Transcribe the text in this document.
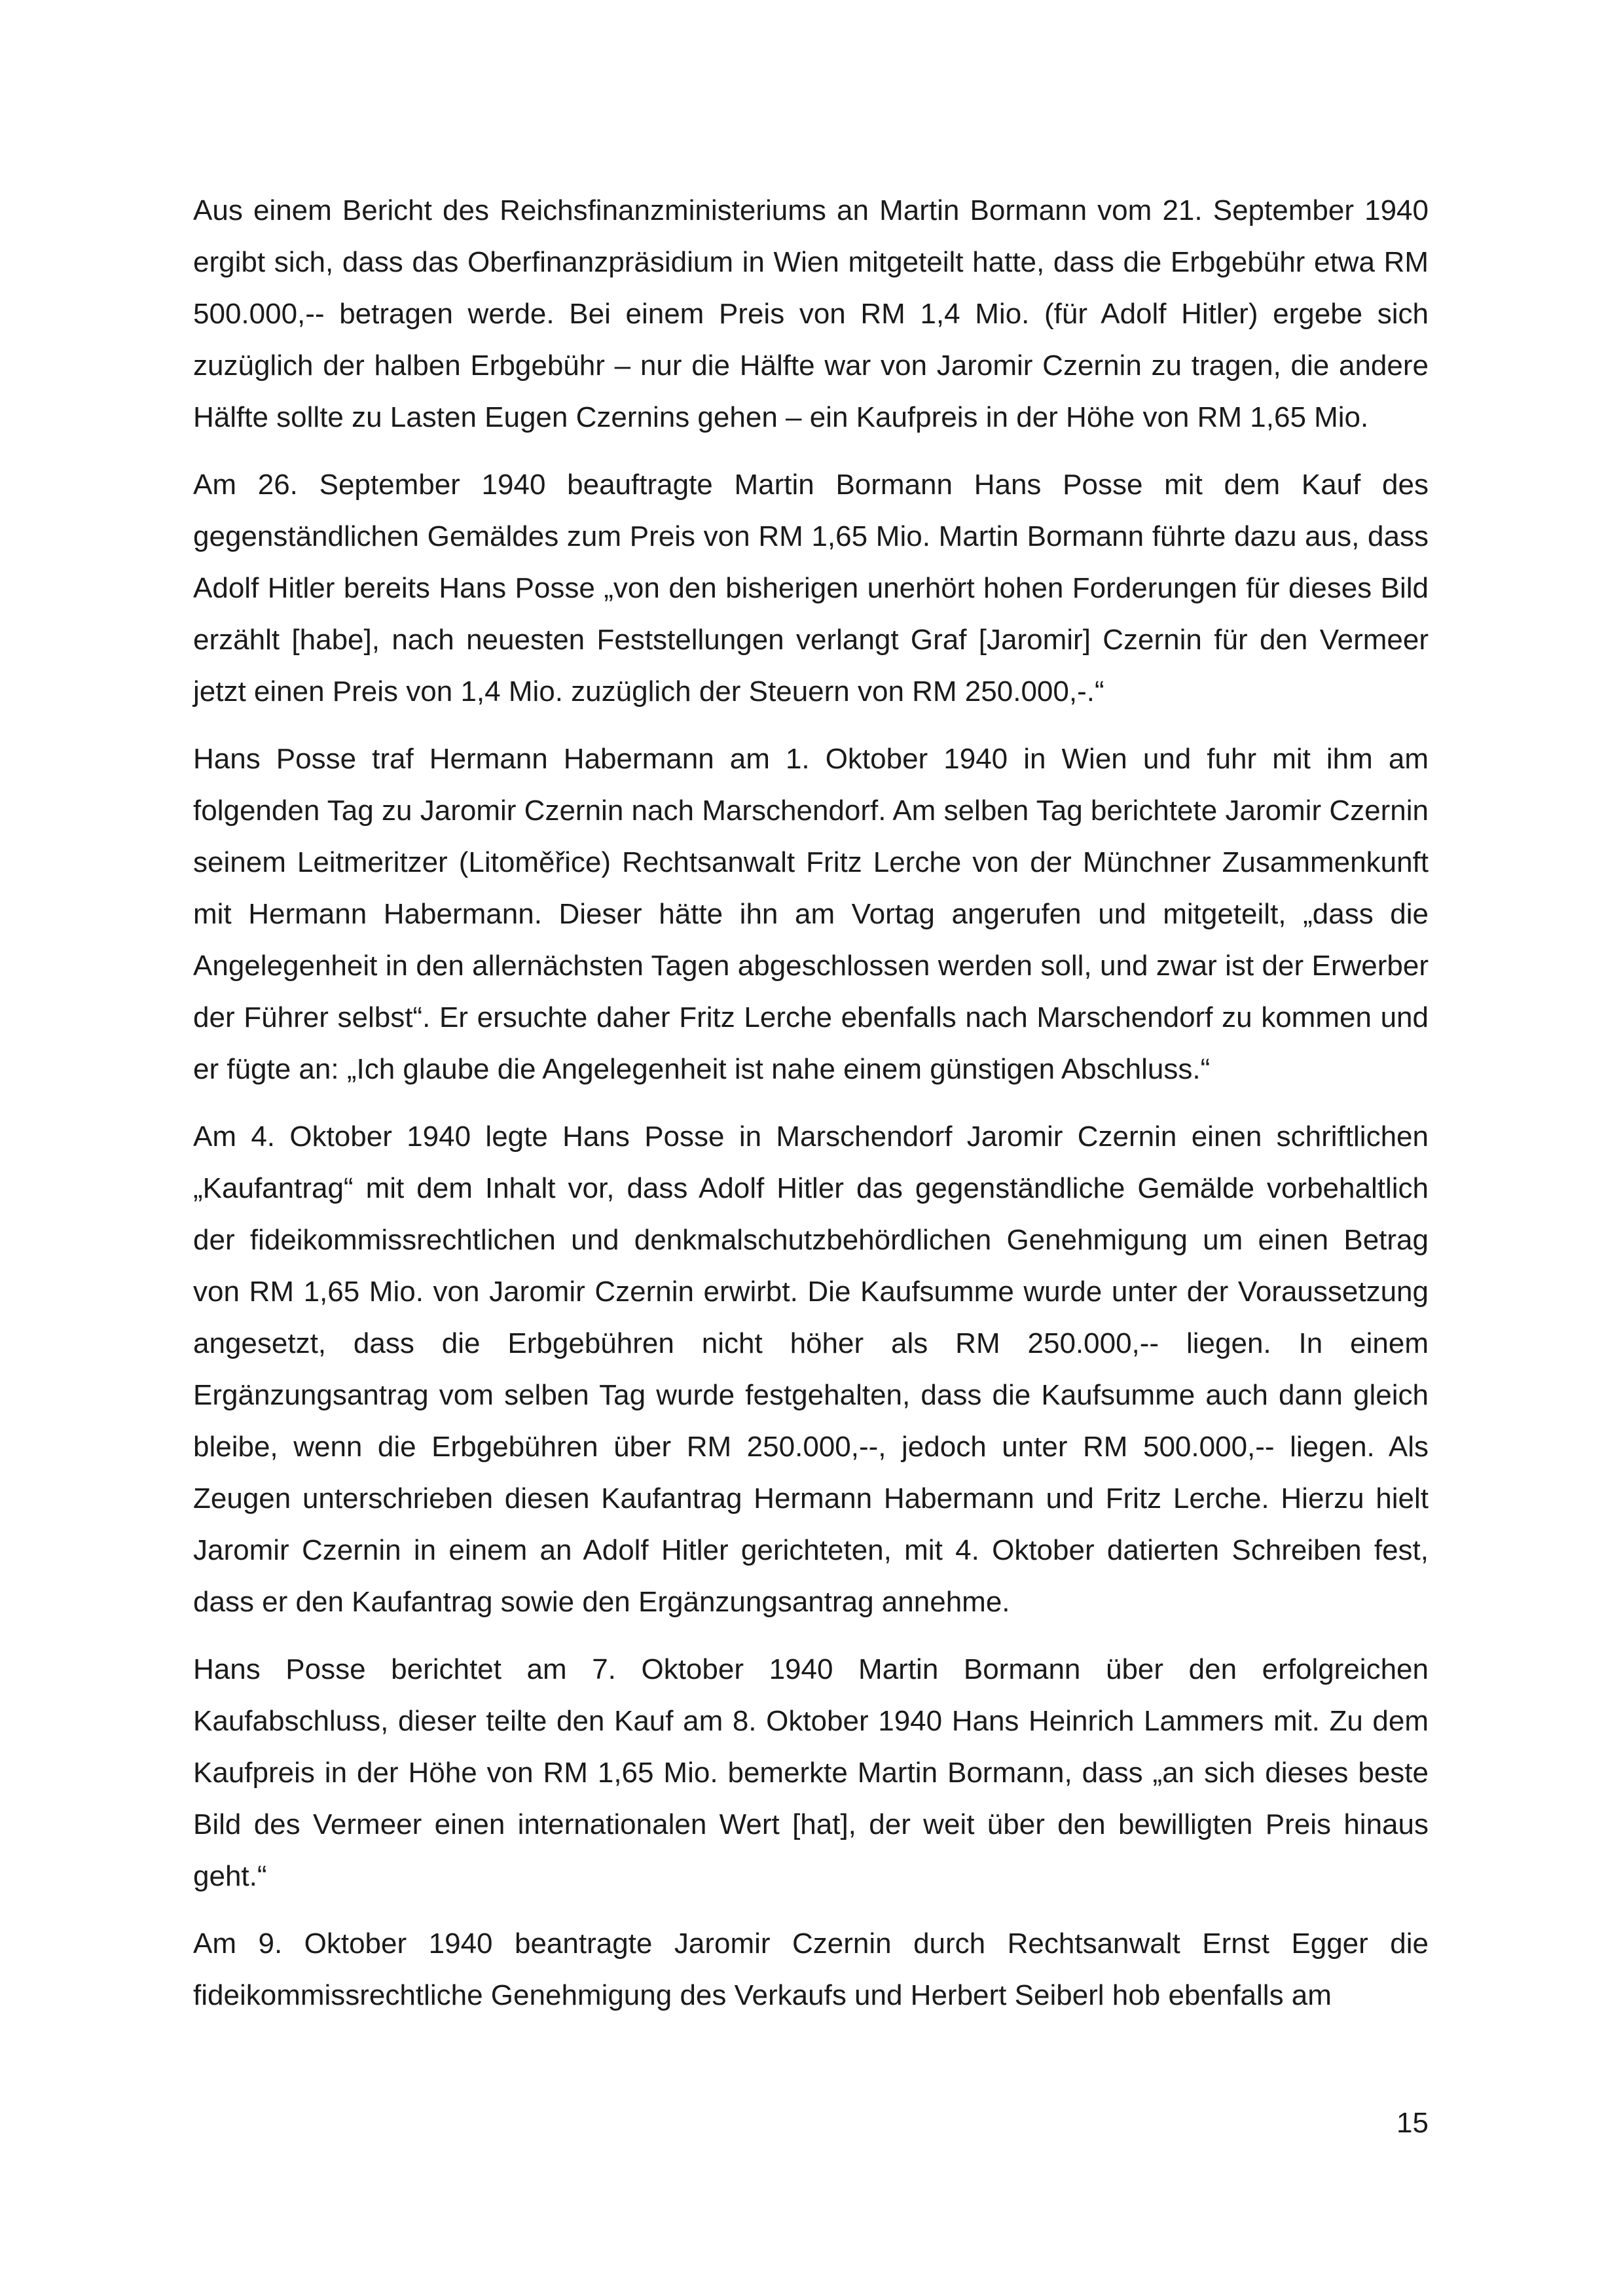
Aus einem Bericht des Reichsfinanzministeriums an Martin Bormann vom 21. September 1940 ergibt sich, dass das Oberfinanzpräsidium in Wien mitgeteilt hatte, dass die Erbgebühr etwa RM 500.000,-- betragen werde. Bei einem Preis von RM 1,4 Mio. (für Adolf Hitler) ergebe sich zuzüglich der halben Erbgebühr – nur die Hälfte war von Jaromir Czernin zu tragen, die andere Hälfte sollte zu Lasten Eugen Czernins gehen – ein Kaufpreis in der Höhe von RM 1,65 Mio.

Am 26. September 1940 beauftragte Martin Bormann Hans Posse mit dem Kauf des gegenständlichen Gemäldes zum Preis von RM 1,65 Mio. Martin Bormann führte dazu aus, dass Adolf Hitler bereits Hans Posse „von den bisherigen unerhört hohen Forderungen für dieses Bild erzählt [habe], nach neuesten Feststellungen verlangt Graf [Jaromir] Czernin für den Vermeer jetzt einen Preis von 1,4 Mio. zuzüglich der Steuern von RM 250.000,-.“

Hans Posse traf Hermann Habermann am 1. Oktober 1940 in Wien und fuhr mit ihm am folgenden Tag zu Jaromir Czernin nach Marschendorf. Am selben Tag berichtete Jaromir Czernin seinem Leitmeritzer (Litoměřice) Rechtsanwalt Fritz Lerche von der Münchner Zusammenkunft mit Hermann Habermann. Dieser hätte ihn am Vortag angerufen und mitgeteilt, „dass die Angelegenheit in den allernächsten Tagen abgeschlossen werden soll, und zwar ist der Erwerber der Führer selbst“. Er ersuchte daher Fritz Lerche ebenfalls nach Marschendorf zu kommen und er fügte an: „Ich glaube die Angelegenheit ist nahe einem günstigen Abschluss.“

Am 4. Oktober 1940 legte Hans Posse in Marschendorf Jaromir Czernin einen schriftlichen „Kaufantrag“ mit dem Inhalt vor, dass Adolf Hitler das gegenständliche Gemälde vorbehaltlich der fideikommissrechtlichen und denkmalschutzbehördlichen Genehmigung um einen Betrag von RM 1,65 Mio. von Jaromir Czernin erwirbt. Die Kaufsumme wurde unter der Voraussetzung angesetzt, dass die Erbgebühren nicht höher als RM 250.000,-- liegen. In einem Ergänzungsantrag vom selben Tag wurde festgehalten, dass die Kaufsumme auch dann gleich bleibe, wenn die Erbgebühren über RM 250.000,--, jedoch unter RM 500.000,-- liegen. Als Zeugen unterschrieben diesen Kaufantrag Hermann Habermann und Fritz Lerche. Hierzu hielt Jaromir Czernin in einem an Adolf Hitler gerichteten, mit 4. Oktober datierten Schreiben fest, dass er den Kaufantrag sowie den Ergänzungsantrag annehme.

Hans Posse berichtet am 7. Oktober 1940 Martin Bormann über den erfolgreichen Kaufabschluss, dieser teilte den Kauf am 8. Oktober 1940 Hans Heinrich Lammers mit. Zu dem Kaufpreis in der Höhe von RM 1,65 Mio. bemerkte Martin Bormann, dass „an sich dieses beste Bild des Vermeer einen internationalen Wert [hat], der weit über den bewilligten Preis hinaus geht.“

Am 9. Oktober 1940 beantragte Jaromir Czernin durch Rechtsanwalt Ernst Egger die fideikommissrechtliche Genehmigung des Verkaufs und Herbert Seiberl hob ebenfalls am

15
